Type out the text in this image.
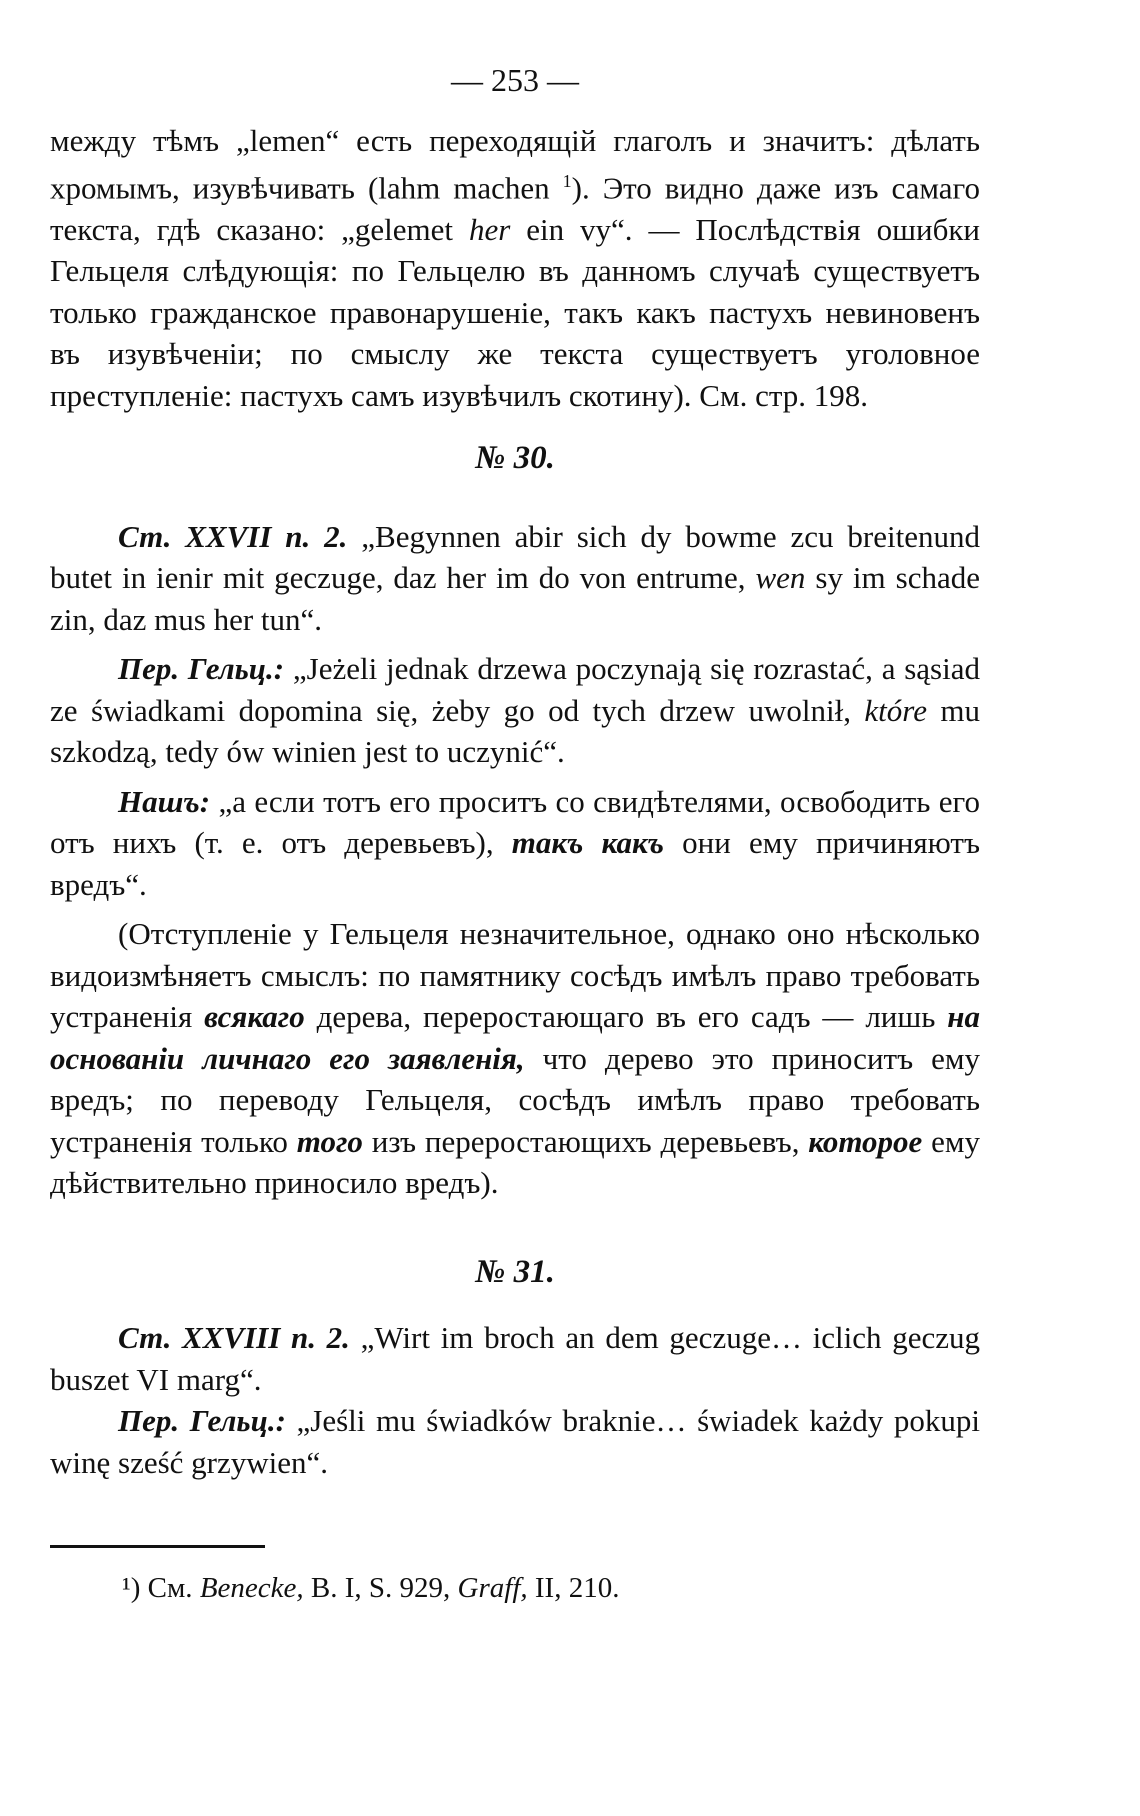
— 253 —

между тѣмъ „lemen“ есть переходящій глаголъ и значитъ: дѣлать хромымъ, изувѣчивать (lahm machen $^1$). Это видно даже изъ самаго текста, гдѣ сказано: „gelemet her ein vy“. — Послѣдствія ошибки Гельцеля слѣдующія: по Гельцелю въ данномъ случаѣ существуетъ только гражданское правонарушеніе, такъ какъ пастухъ невиновенъ въ изувѣченіи; по смыслу же текста существуетъ уголовное преступленіе: пастухъ самъ изувѣчилъ скотину). См. стр. 198.

№ 30.

Ст. XXVII п. 2. „Begynnen abir sich dy bowme zcu breitenund butet in ienir mit geczuge, daz her im do von entrume, wen sy im schade zin, daz mus her tun“.

Пер. Гельц.: „Jeżeli jednak drzewa poczynają się rozrastać, a sąsiad ze świadkami dopomina się, żeby go od tych drzew uwolnił, które mu szkodzą, tedy ów winien jest to uczynić“.

Нашъ: „а если тотъ его проситъ со свидѣтелями, освободить его отъ нихъ (т. е. отъ деревьевъ), такъ какъ они ему причиняютъ вредъ“.

(Отступленіе у Гельцеля незначительное, однако оно нѣсколько видоизмѣняетъ смыслъ: по памятнику сосѣдъ имѣлъ право требовать устраненія всякаго дерева, переростающаго въ его садъ — лишь на основаніи личнаго его заявленія, что дерево это приноситъ ему вредъ; по переводу Гельцеля, сосѣдъ имѣлъ право требовать устраненія только того изъ переростающихъ деревьевъ, которое ему дѣйствительно приносило вредъ).

№ 31.

Ст. XXVIII п. 2. „Wirt im broch an dem geczuge… iclich geczug buszet VI marg“.

Пер. Гельц.: „Jeśli mu świadków braknie… świadek każdy pokupi winę sześć grzywien“.

¹) См. Benecke, B. I, S. 929, Graff, II, 210.
